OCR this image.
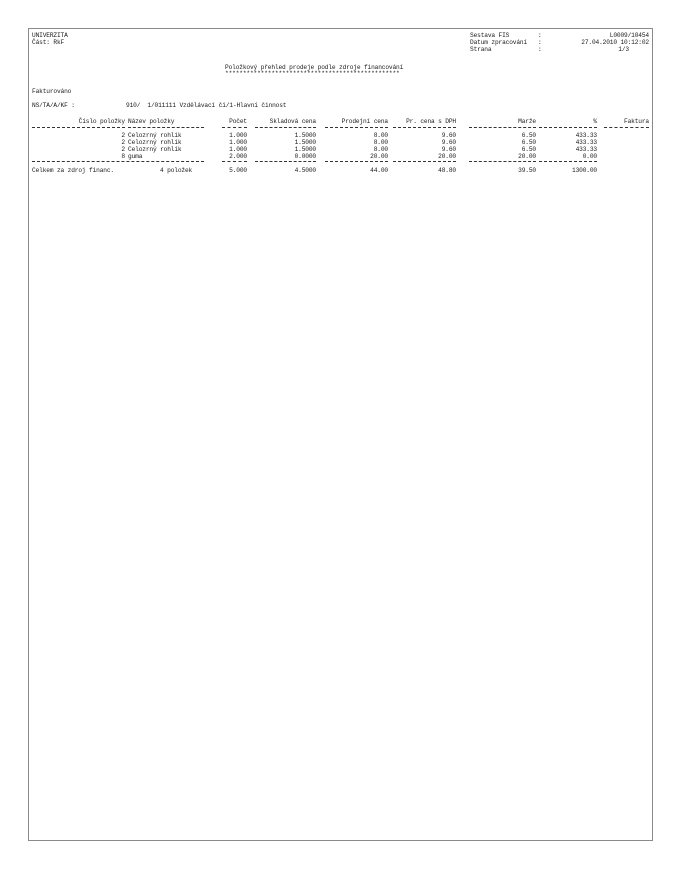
UNIVERZITA
Část: RkF
Sestava FIS	:	L0009/10454
Datum zpracování :	27.04.2010 10:12:02
Strana	:	1/3
Položkový přehled prodeje podle zdroje financování
*************************************************
Fakturováno
NS/TA/A/KF :	910/  1/011111 Vzdělávací či/1-Hlavní činnost
Číslo položky Název položky	Počet	Skladová cena	Prodejní cena	Pr. cena s DPH	Marže	%	Faktura
2 Celozrný rohlík	1.000	1.5000	8.00	9.60	6.50	433.33
2 Celozrný rohlík	1.000	1.5000	8.00	9.60	6.50	433.33
2 Celozrný rohlík	1.000	1.5000	8.00	9.60	6.50	433.33
8 guma	2.000	0.0000	20.00	20.00	20.00	0.00
Celkem za zdroj financ.	4 položek	5.000	4.5000	44.00	48.80	39.50	1300.00
